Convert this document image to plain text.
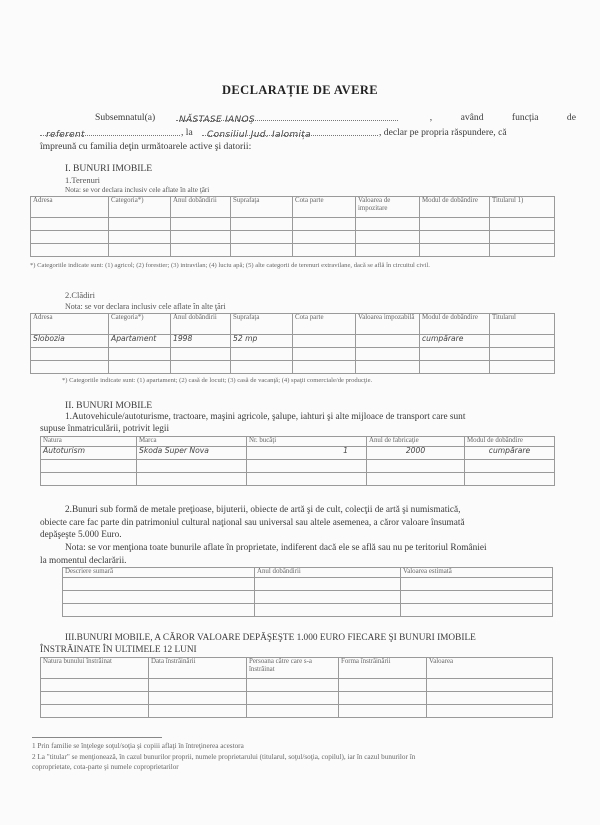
DECLARAȚIE DE AVERE
Subsemnatul(a)	NĂSTASE IANOȘ	, având funcția de
referent	, la	Consiliul Jud. Ialomița	, declar pe propria răspundere, că
împreună cu familia deţin următoarele active şi datorii:
I. BUNURI IMOBILE
1.Terenuri
Nota: se vor declara inclusiv cele aflate în alte ţări
Adresa	Categoria*)	Anul dobândirii	Suprafaţa	Cota parte	Valoarea de impozitare	Modul de dobândire	Titularul 1)

*) Categoriile indicate sunt: (1) agricol; (2) forestier; (3) intravilan; (4) luciu apă; (5) alte categorii de terenuri extravilane, dacă se află în circuitul civil.
2.Clădiri
Nota: se vor declara inclusiv cele aflate în alte ţări
Adresa	Categoria*)	Anul dobândirii	Suprafaţa	Cota parte	Valoarea impozabilă	Modul de dobândire	Titularul
Slobozia	Apartament	1998	52 mp			cumpărare	

*) Categoriile indicate sunt: (1) apartament; (2) casă de locuit; (3) casă de vacanţă; (4) spaţii comerciale/de producţie.
II. BUNURI MOBILE
1.Autovehicule/autoturisme, tractoare, maşini agricole, şalupe, iahturi şi alte mijloace de transport care sunt
supuse înmatriculării, potrivit legii
Natura	Marca	Nr. bucăţi	Anul de fabricaţie	Modul de dobândire
Autoturism	Skoda Super Nova	1	2000	cumpărare

2.Bunuri sub formă de metale preţioase, bijuterii, obiecte de artă şi de cult, colecţii de artă şi numismatică,
obiecte care fac parte din patrimoniul cultural naţional sau universal sau altele asemenea, a căror valoare însumată
depăşeşte 5.000 Euro.
Nota: se vor menţiona toate bunurile aflate în proprietate, indiferent dacă ele se află sau nu pe teritoriul României
la momentul declarării.
Descriere sumară	Anul dobândirii	Valoarea estimată

III.BUNURI MOBILE, A CĂROR VALOARE DEPĂŞEŞTE 1.000 EURO FIECARE ŞI BUNURI IMOBILE
ÎNSTRĂINATE ÎN ULTIMELE 12 LUNI
Natura bunului înstrăinat	Data înstrăinării	Persoana către care s-a înstrăinat	Forma înstrăinării	Valoarea

1 Prin familie se înţelege soţul/soţia şi copiii aflaţi în întreţinerea acestora
2 La "titular" se menţionează, în cazul bunurilor proprii, numele proprietarului (titularul, soţul/soţia, copilul), iar în cazul bunurilor în
coproprietate, cota-parte şi numele coproprietarilor
